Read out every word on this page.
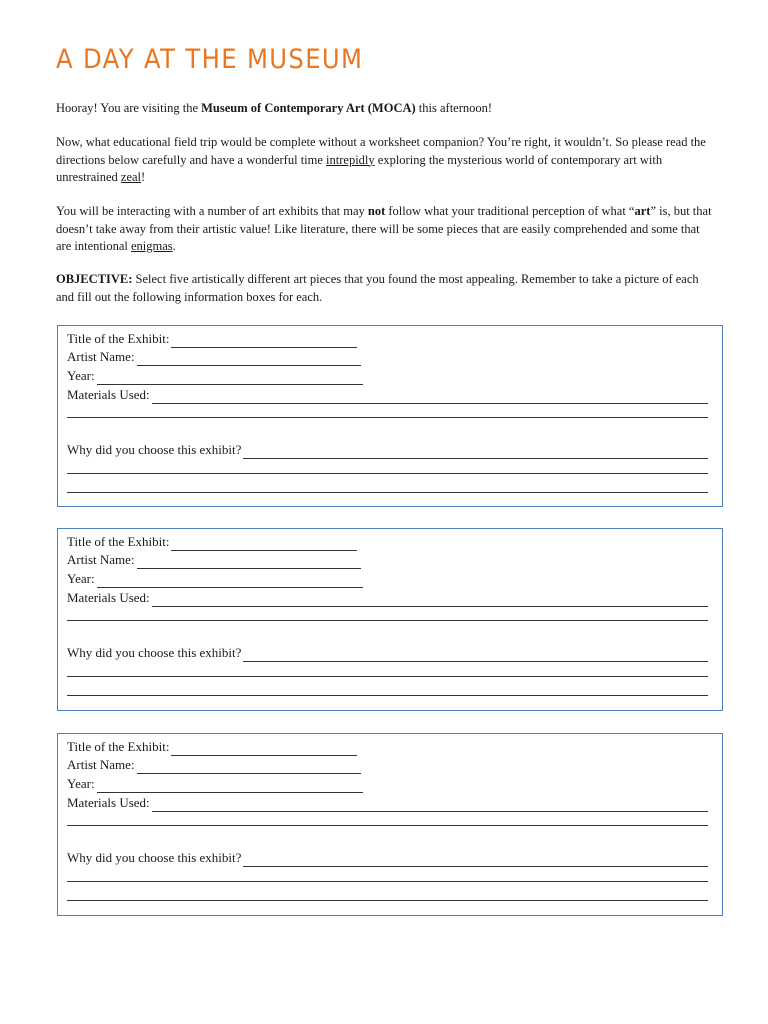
A DAY AT THE MUSEUM

Hooray! You are visiting the Museum of Contemporary Art (MOCA) this afternoon!

Now, what educational field trip would be complete without a worksheet companion? You’re right, it wouldn’t. So please read the directions below carefully and have a wonderful time intrepidly exploring the mysterious world of contemporary art with unrestrained zeal!

You will be interacting with a number of art exhibits that may not follow what your traditional perception of what “art” is, but that doesn’t take away from their artistic value! Like literature, there will be some pieces that are easily comprehended and some that are intentional enigmas.

OBJECTIVE: Select five artistically different art pieces that you found the most appealing. Remember to take a picture of each and fill out the following information boxes for each.

Title of the Exhibit:
Artist Name:
Year:
Materials Used:
Why did you choose this exhibit?
Title of the Exhibit:
Artist Name:
Year:
Materials Used:
Why did you choose this exhibit?
Title of the Exhibit:
Artist Name:
Year:
Materials Used:
Why did you choose this exhibit?
